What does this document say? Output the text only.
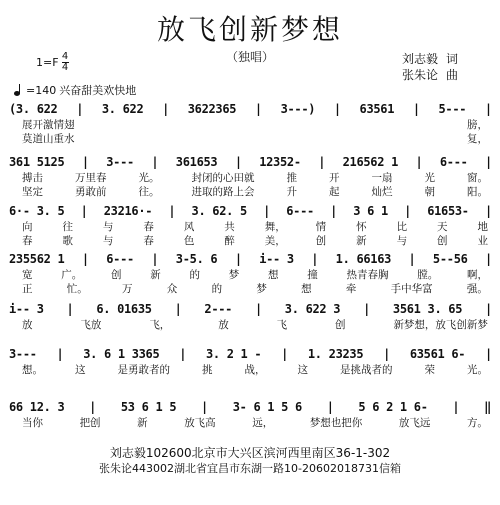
放飞创新梦想
（独唱）
$1=F \frac{4}{4}$	刘志毅 词
张朱论 曲
=140 兴奋甜美欢快地
(3. 622 | 3. 622 | 3622365 | 3---) | 63561 | 5--- |
展开激情翅	膀，
莫道山重水	复，
361 5125 | 3--- | 361653 | 12352- | 216562 1 | 6--- |
搏击	万里春	光。	封闭的心田就	推	开	一扇	光	窗。
坚定	勇敢前	往。	进取的路上会	升	起	灿烂	朝	阳。
6·- 3. 5 | 23216·- | 3. 62. 5 | 6--- | 3 6 1 | 61653- |
向	往	与	春	风	共	舞，	情	怀	比	天	地
春	歌	与	春	色	醉	美，	创	新	与	创	业
235562 1 | 6--- | 3-5. 6 | i-- 3 | 1. 66163 | 5--56 |
宽	广。	创	新	的	梦	想	撞	热青春胸	膛。	啊，
正	忙。	万	众	的	梦	想	牵	手中华富	强。
i-- 3 | 6. 01635 | 2--- | 3. 622 3 | 3561 3. 65 |
放	飞放	飞，	放	飞	创	新梦想，放飞创新梦
3--- | 3. 6 1 3365 | 3. 2 1 - | 1. 23235 | 63561 6- |
想。	这	是勇敢者的	挑	战，	这	是挑战者的	荣	光。
66 12. 3 | 53 6 1 5 | 3- 6 1 5 6 | 5 6 2 1 6- | ‖
当你	把创	新	放飞高	远，	梦想也把你	放飞远	方。
刘志毅102600北京市大兴区滨河西里南区36-1-302
张朱论443002湖北省宜昌市东湖一路10-20602018731信箱
